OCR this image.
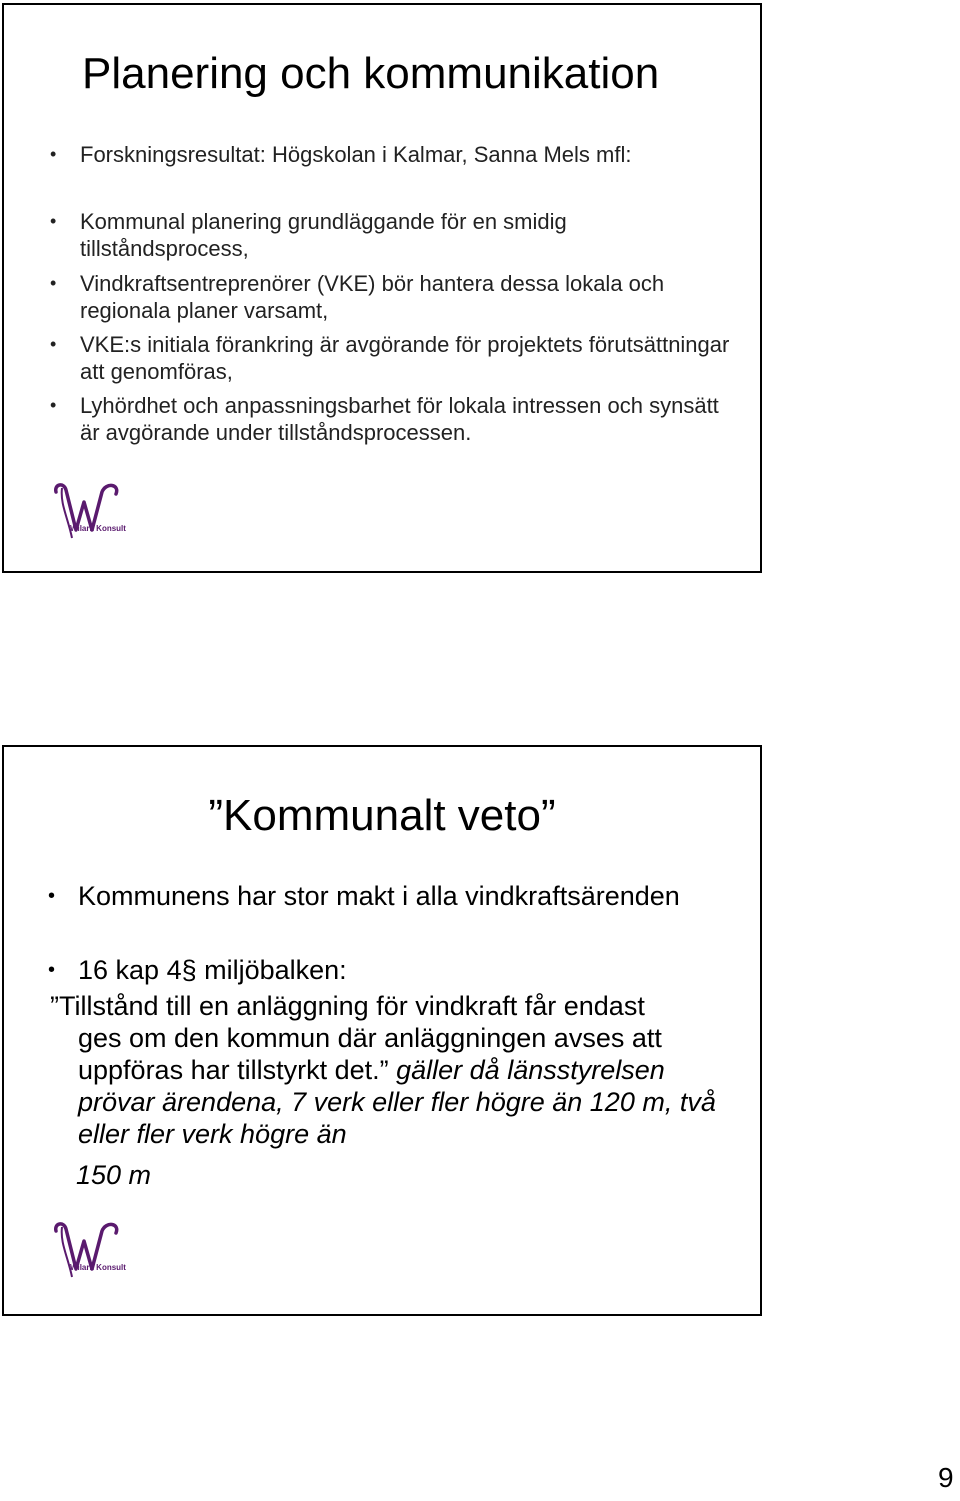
Planering och kommunikation
• Forskningsresultat: Högskolan i Kalmar, Sanna Mels mfl:
• Kommunal planering grundläggande för en smidig tillståndsprocess,
• Vindkraftsentreprenörer (VKE) bör hantera dessa lokala och regionala planer varsamt,
• VKE:s initiala förankring är avgörande för projektets förutsättningar att genomföras,
• Lyhördhet och anpassningsbarhet för lokala intressen och synsätt är avgörande under tillståndsprocessen.
Wilark Konsult
”Kommunalt veto”
• Kommunens har stor makt i alla vindkraftsärenden
• 16 kap 4§ miljöbalken:

”Tillstånd till en anläggning för vindkraft får endast
ges om den kommun där anläggningen avses att uppföras har tillstyrkt det.” gäller då länsstyrelsen prövar ärendena, 7 verk eller fler högre än 120 m, två eller fler verk högre än

150 m

Wilark Konsult
9
